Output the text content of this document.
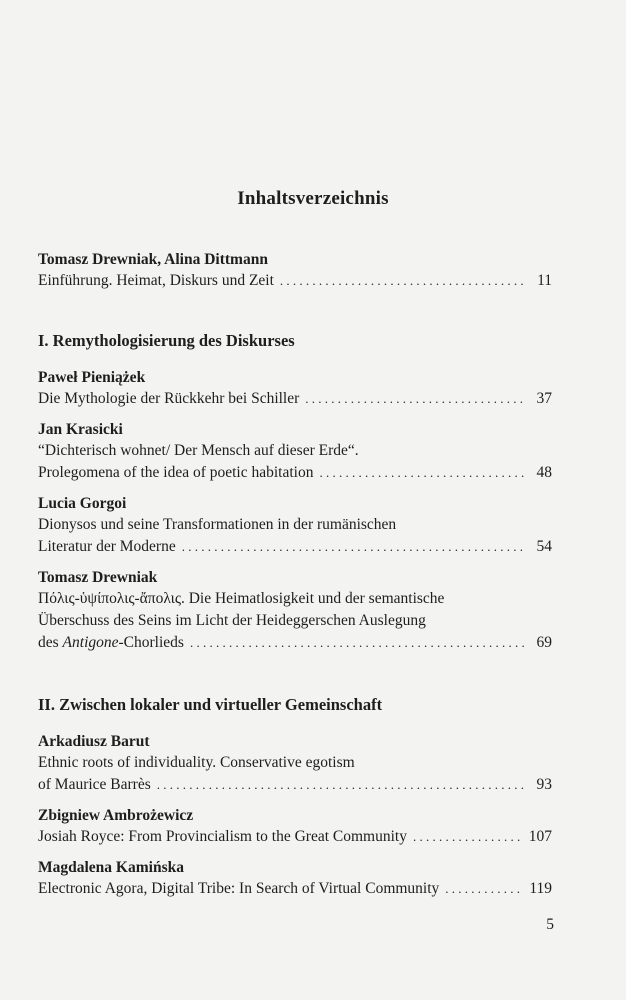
Inhaltsverzeichnis
Tomasz Drewniak, Alina Dittmann
Einführung. Heimat, Diskurs und Zeit . . .	11
I. Remythologisierung des Diskurses
Paweł Pieniążek
Die Mythologie der Rückkehr bei Schiller . . .	37
Jan Krasicki
“Dichterisch wohnet/ Der Mensch auf dieser Erde“.
Prolegomena of the idea of poetic habitation . . .	48
Lucia Gorgoi
Dionysos und seine Transformationen in der rumänischen
Literatur der Moderne . . .	54
Tomasz Drewniak
Πόλις-ὑψίπολις-ἄπολις. Die Heimatlosigkeit und der semantische
Überschuss des Seins im Licht der Heideggerschen Auslegung
des Antigone-Chorlieds . . .	69
II. Zwischen lokaler und virtueller Gemeinschaft
Arkadiusz Barut
Ethnic roots of individuality. Conservative egotism
of Maurice Barrès . . .	93
Zbigniew Ambrożewicz
Josiah Royce: From Provincialism to the Great Community . . .	107
Magdalena Kamińska
Electronic Agora, Digital Tribe: In Search of Virtual Community . . .	119
5
